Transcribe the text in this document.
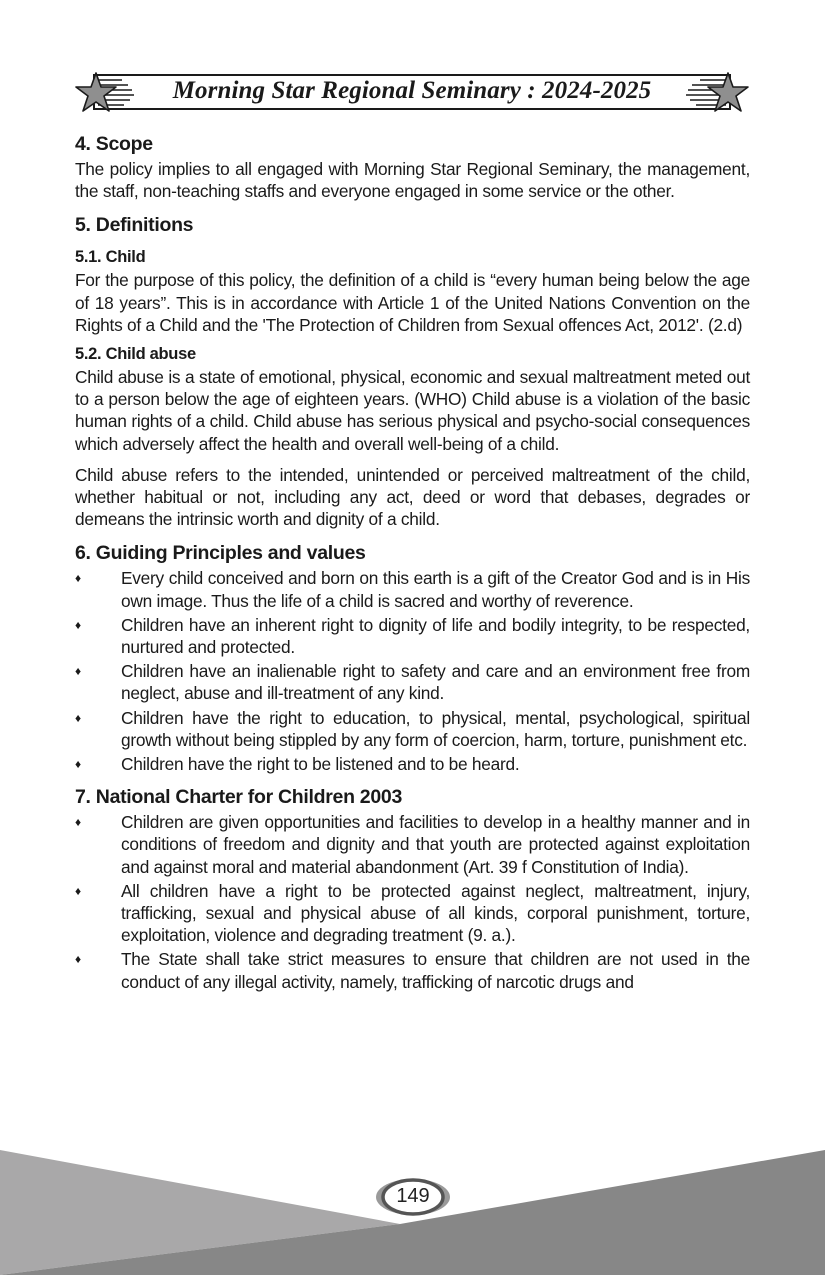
Morning Star Regional Seminary : 2024-2025
4. Scope

The policy implies to all engaged with Morning Star Regional Seminary, the management, the staff, non-teaching staffs and everyone engaged in some service or the other.

5. Definitions
5.1. Child

For the purpose of this policy, the definition of a child is “every human being below the age of 18 years”. This is in accordance with Article 1 of the United Nations Convention on the Rights of a Child and the 'The Protection of Children from Sexual offences Act, 2012'. (2.d)

5.2. Child abuse

Child abuse is a state of emotional, physical, economic and sexual maltreatment meted out to a person below the age of eighteen years. (WHO) Child abuse is a violation of the basic human rights of a child. Child abuse has serious physical and psycho-social consequences which adversely affect the health and overall well-being of a child.

Child abuse refers to the intended, unintended or perceived maltreatment of the child, whether habitual or not, including any act, deed or word that debases, degrades or demeans the intrinsic worth and dignity of a child.

6. Guiding Principles and values
♦ Every child conceived and born on this earth is a gift of the Creator God and is in His own image. Thus the life of a child is sacred and worthy of reverence.
♦ Children have an inherent right to dignity of life and bodily integrity, to be respected, nurtured and protected.
♦ Children have an inalienable right to safety and care and an environment free from neglect, abuse and ill-treatment of any kind.
♦ Children have the right to education, to physical, mental, psychological, spiritual growth without being stippled by any form of coercion, harm, torture, punishment etc.
♦ Children have the right to be listened and to be heard.
7. National Charter for Children 2003
♦ Children are given opportunities and facilities to develop in a healthy manner and in conditions of freedom and dignity and that youth are protected against exploitation and against moral and material abandonment (Art. 39 f Constitution of India).
♦ All children have a right to be protected against neglect, maltreatment, injury, trafficking, sexual and physical abuse of all kinds, corporal punishment, torture, exploitation, violence and degrading treatment (9. a.).
♦ The State shall take strict measures to ensure that children are not used in the conduct of any illegal activity, namely, trafficking of narcotic drugs and
149
